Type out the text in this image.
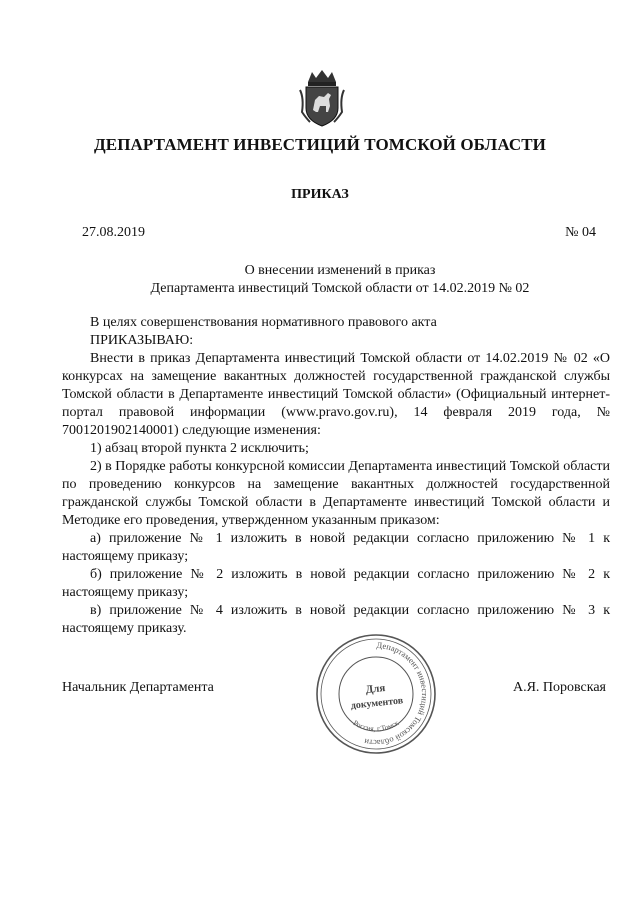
ДЕПАРТАМЕНТ ИНВЕСТИЦИЙ ТОМСКОЙ ОБЛАСТИ
ПРИКАЗ
27.08.2019	№ 04
О внесении изменений в приказ
Департамента инвестиций Томской области от 14.02.2019 № 02

В целях совершенствования нормативного правового акта

ПРИКАЗЫВАЮ:

Внести в приказ Департамента инвестиций Томской области от 14.02.2019 № 02 «О конкурсах на замещение вакантных должностей государственной гражданской службы Томской области в Департаменте инвестиций Томской области» (Официальный интернет-портал правовой информации (www.pravo.gov.ru), 14 февраля 2019 года, № 7001201902140001) следующие изменения:

1) абзац второй пункта 2 исключить;

2) в Порядке работы конкурсной комиссии Департамента инвестиций Томской области по проведению конкурсов на замещение вакантных должностей государственной гражданской службы Томской области в Департаменте инвестиций Томской области и Методике его проведения, утвержденном указанным приказом:

а) приложение № 1 изложить в новой редакции согласно приложению № 1 к настоящему приказу;

б) приложение № 2 изложить в новой редакции согласно приложению № 2 к настоящему приказу;

в) приложение № 4 изложить в новой редакции согласно приложению № 3 к настоящему приказу.

Начальник Департамента	А.Я. Поровская
Департамент инвестиций Томской области
Россия, г.Томск
Для
документов
